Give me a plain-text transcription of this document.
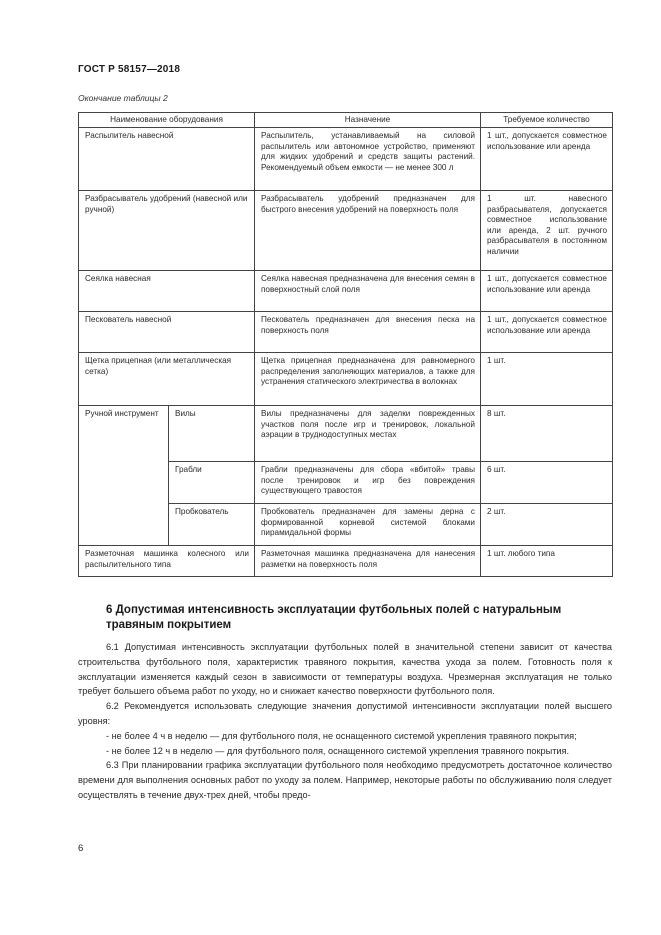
ГОСТ Р 58157—2018
Окончание таблицы 2
Наименование оборудования		Назначение	Требуемое количество
Распылитель навесной		Распылитель, устанавливаемый на силовой распылитель или автономное устройство, применяют для жидких удобрений и средств защиты растений. Рекомендуемый объем емкости — не менее 300 л	1 шт., допускается совместное использование или аренда
Разбрасыватель удобрений (навесной или ручной)		Разбрасыватель удобрений предназначен для быстрого внесения удобрений на поверхность поля	1 шт. навесного разбрасывателя, допускается совместное использование или аренда, 2 шт. ручного разбрасывателя в постоянном наличии
Сеялка навесная		Сеялка навесная предназначена для внесения семян в поверхностный слой поля	1 шт., допускается совместное использование или аренда
Пескователь навесной		Пескователь предназначен для внесения песка на поверхность поля	1 шт., допускается совместное использование или аренда
Щетка прицепная (или металлическая сетка)		Щетка прицепная предназначена для равномерного распределения заполняющих материалов, а также для устранения статического электричества в волокнах	1 шт.
Ручной инструмент	Вилы	Вилы предназначены для заделки поврежденных участков поля после игр и тренировок, локальной аэрации в труднодоступных местах	8 шт.
	Грабли	Грабли предназначены для сбора «вбитой» травы после тренировок и игр без повреждения существующего травостоя	6 шт.
	Пробкователь	Пробкователь предназначен для замены дерна с формированной корневой системой блоками пирамидальной формы	2 шт.
Разметочная машинка колесного или распылительного типа		Разметочная машинка предназначена для нанесения разметки на поверхность поля	1 шт. любого типа
6 Допустимая интенсивность эксплуатации футбольных полей с натуральным травяным покрытием

6.1 Допустимая интенсивность эксплуатации футбольных полей в значительной степени зависит от качества строительства футбольного поля, характеристик травяного покрытия, качества ухода за полем. Готовность поля к эксплуатации изменяется каждый сезон в зависимости от температуры воздуха. Чрезмерная эксплуатация не только требует большего объема работ по уходу, но и снижает качество поверхности футбольного поля.

6.2 Рекомендуется использовать следующие значения допустимой интенсивности эксплуатации полей высшего уровня:

- не более 4 ч в неделю — для футбольного поля, не оснащенного системой укрепления травяного покрытия;

- не более 12 ч в неделю — для футбольного поля, оснащенного системой укрепления травяного покрытия.

6.3 При планировании графика эксплуатации футбольного поля необходимо предусмотреть достаточное количество времени для выполнения основных работ по уходу за полем. Например, некоторые работы по обслуживанию поля следует осуществлять в течение двух-трех дней, чтобы предо-

6
